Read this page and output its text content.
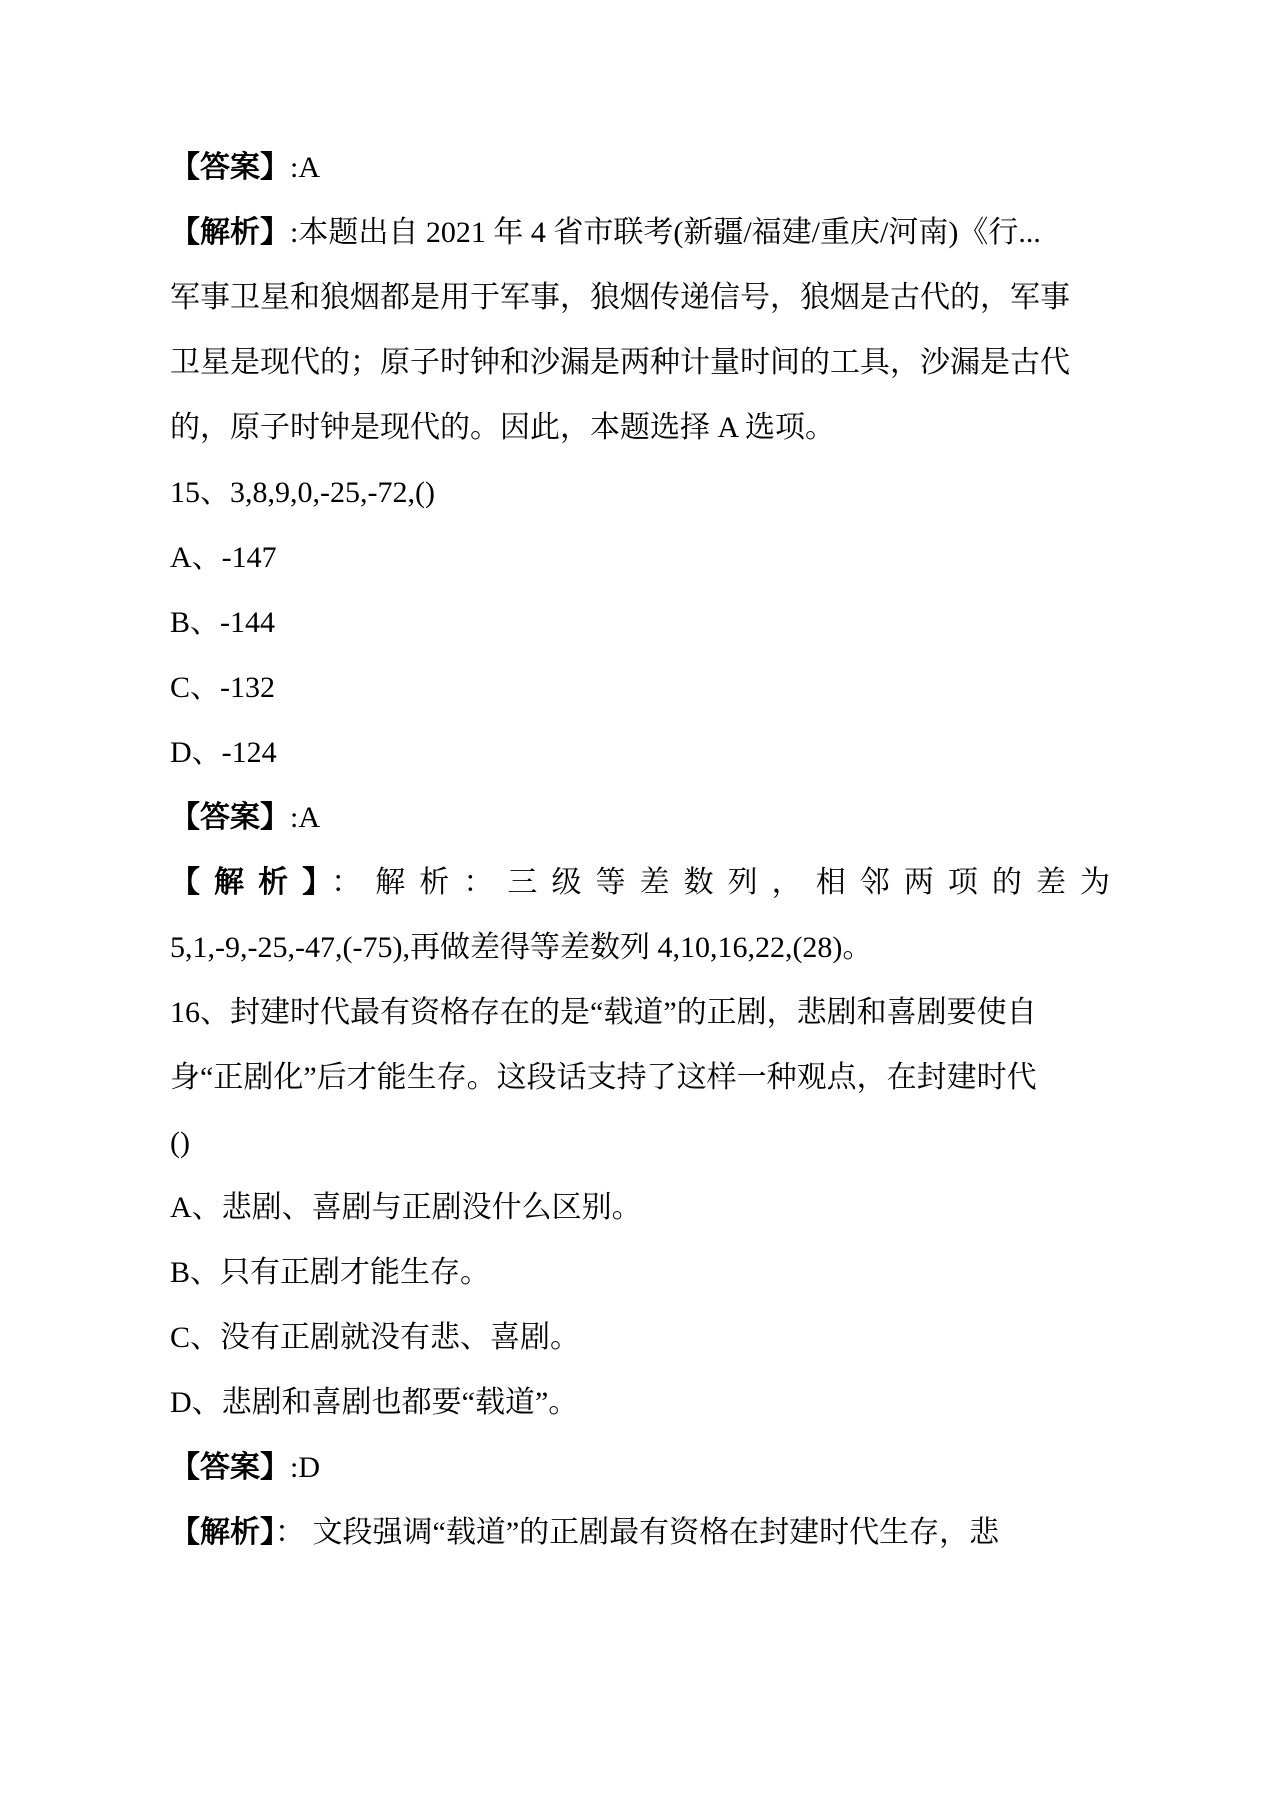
【答案】:A
【解析】:本题出自 2021 年 4 省市联考(新疆/福建/重庆/河南)《行...
军事卫星和狼烟都是用于军事，狼烟传递信号，狼烟是古代的，军事
卫星是现代的；原子时钟和沙漏是两种计量时间的工具，沙漏是古代
的，原子时钟是现代的。因此，本题选择 A 选项。
15、3,8,9,0,-25,-72,()
A、-147
B、-144
C、-132
D、-124
【答案】:A
【解析】：解析：三级等差数列，相邻两项的差为
5,1,-9,-25,-47,(-75),再做差得等差数列 4,10,16,22,(28)。
16、封建时代最有资格存在的是“载道”的正剧，悲剧和喜剧要使自
身“正剧化”后才能生存。这段话支持了这样一种观点，在封建时代
()
A、悲剧、喜剧与正剧没什么区别。
B、只有正剧才能生存。
C、没有正剧就没有悲、喜剧。
D、悲剧和喜剧也都要“载道”。
【答案】:D
【解析】： 文段强调“载道”的正剧最有资格在封建时代生存，悲
